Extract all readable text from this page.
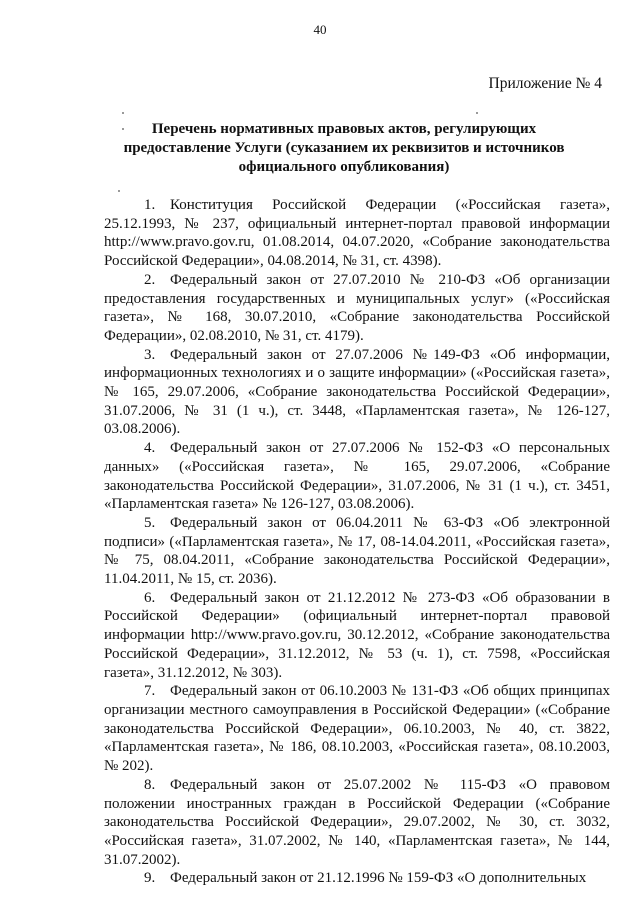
40
Приложение № 4
Перечень нормативных правовых актов, регулирующих
предоставление Услуги (суказанием их реквизитов и источников
официального опубликования)

1. Конституция Российской Федерации («Российская газета», 25.12.1993, № 237, официальный интернет-портал правовой информации http://www.pravo.gov.ru, 01.08.2014, 04.07.2020, «Собрание законодательства Российской Федерации», 04.08.2014, № 31, ст. 4398).

2. Федеральный закон от 27.07.2010 № 210-ФЗ «Об организации предоставления государственных и муниципальных услуг» («Российская газета», № 168, 30.07.2010, «Собрание законодательства Российской Федерации», 02.08.2010, № 31, ст. 4179).

3. Федеральный закон от 27.07.2006 №149-ФЗ «Об информации, информационных технологиях и о защите информации» («Российская газета», № 165, 29.07.2006, «Собрание законодательства Российской Федерации», 31.07.2006, № 31 (1 ч.), ст. 3448, «Парламентская газета», № 126-127, 03.08.2006).

4. Федеральный закон от 27.07.2006 № 152-ФЗ «О персональных данных» («Российская газета», № 165, 29.07.2006, «Собрание законодательства Российской Федерации», 31.07.2006, № 31 (1 ч.), ст. 3451, «Парламентская газета» № 126-127, 03.08.2006).

5. Федеральный закон от 06.04.2011 № 63-ФЗ «Об электронной подписи» («Парламентская газета», № 17, 08-14.04.2011, «Российская газета», № 75, 08.04.2011, «Собрание законодательства Российской Федерации», 11.04.2011, № 15, ст. 2036).

6. Федеральный закон от 21.12.2012 № 273-ФЗ «Об образовании в Российской Федерации» (официальный интернет-портал правовой информации http://www.pravo.gov.ru, 30.12.2012, «Собрание законодательства Российской Федерации», 31.12.2012, № 53 (ч. 1), ст. 7598, «Российская газета», 31.12.2012, № 303).

7. Федеральный закон от 06.10.2003 № 131-ФЗ «Об общих принципах организации местного самоуправления в Российской Федерации» («Собрание законодательства Российской Федерации», 06.10.2003, № 40, ст. 3822, «Парламентская газета», № 186, 08.10.2003, «Российская газета», 08.10.2003, № 202).

8. Федеральный закон от 25.07.2002 № 115-ФЗ «О правовом положении иностранных граждан в Российской Федерации («Собрание законодательства Российской Федерации», 29.07.2002, № 30, ст. 3032, «Российская газета», 31.07.2002, № 140, «Парламентская газета», № 144, 31.07.2002).

9. Федеральный закон от 21.12.1996 № 159-ФЗ «О дополнительных
